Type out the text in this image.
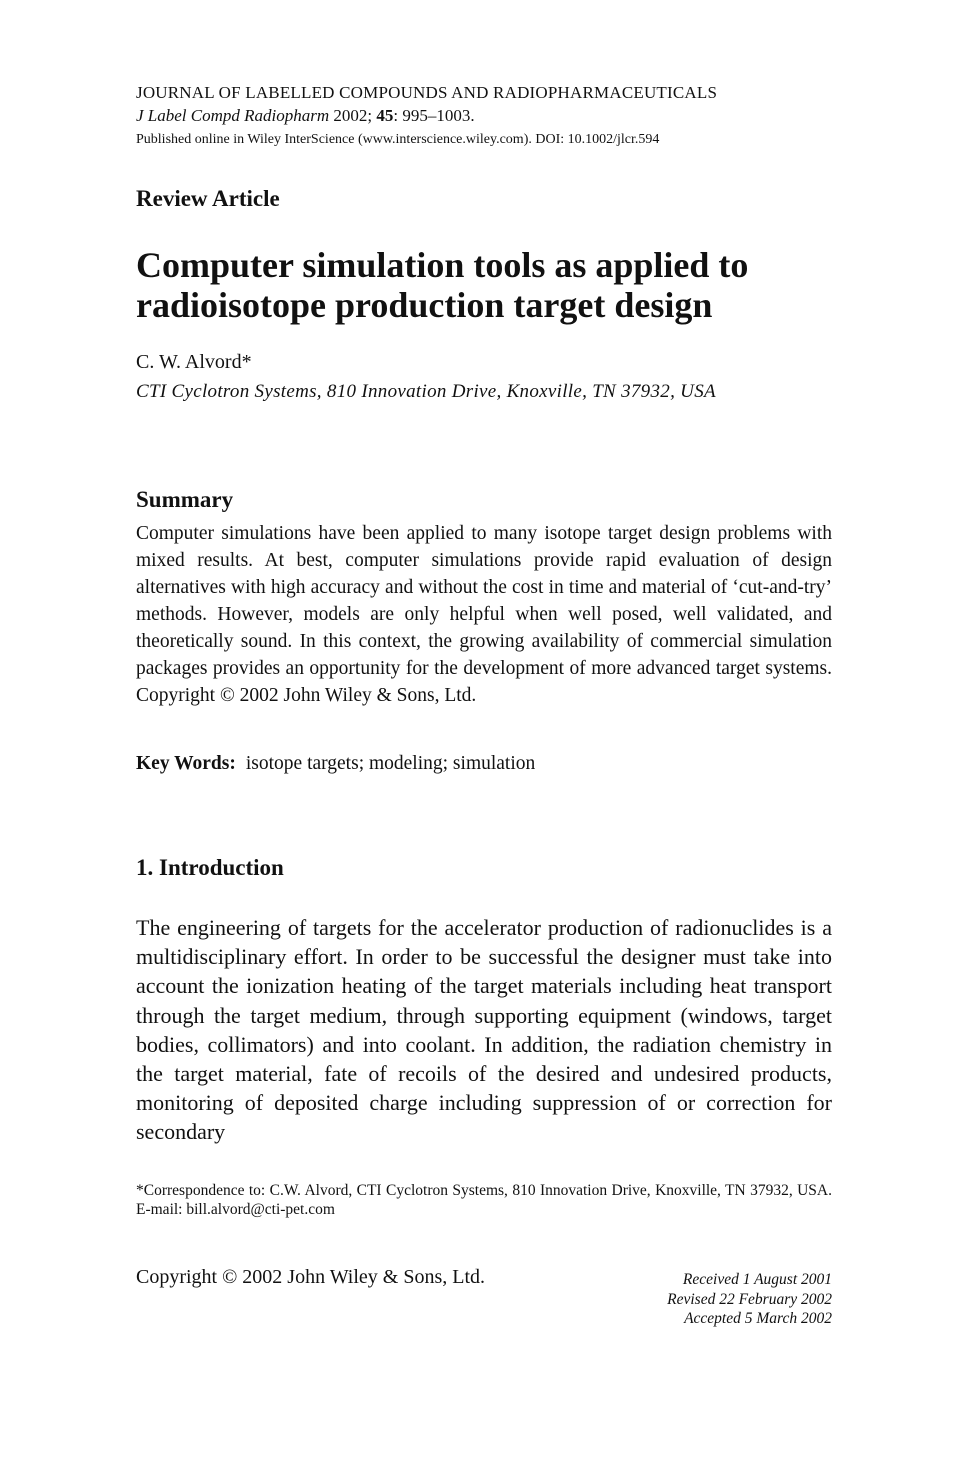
JOURNAL OF LABELLED COMPOUNDS AND RADIOPHARMACEUTICALS
J Label Compd Radiopharm 2002; 45: 995–1003.
Published online in Wiley InterScience (www.interscience.wiley.com). DOI: 10.1002/jlcr.594
Review Article
Computer simulation tools as applied to radioisotope production target design
C. W. Alvord*
CTI Cyclotron Systems, 810 Innovation Drive, Knoxville, TN 37932, USA
Summary

Computer simulations have been applied to many isotope target design problems with mixed results. At best, computer simulations provide rapid evaluation of design alternatives with high accuracy and without the cost in time and material of ‘cut-and-try’ methods. However, models are only helpful when well posed, well validated, and theoretically sound. In this context, the growing availability of commercial simulation packages provides an opportunity for the development of more advanced target systems. Copyright © 2002 John Wiley & Sons, Ltd.

Key Words: isotope targets; modeling; simulation
1. Introduction

The engineering of targets for the accelerator production of radionuclides is a multidisciplinary effort. In order to be successful the designer must take into account the ionization heating of the target materials including heat transport through the target medium, through supporting equipment (windows, target bodies, collimators) and into coolant. In addition, the radiation chemistry in the target material, fate of recoils of the desired and undesired products, monitoring of deposited charge including suppression of or correction for secondary

*Correspondence to: C.W. Alvord, CTI Cyclotron Systems, 810 Innovation Drive, Knoxville, TN 37932, USA. E-mail: bill.alvord@cti-pet.com

Copyright © 2002 John Wiley & Sons, Ltd.	Received 1 August 2001
Revised 22 February 2002
Accepted 5 March 2002
